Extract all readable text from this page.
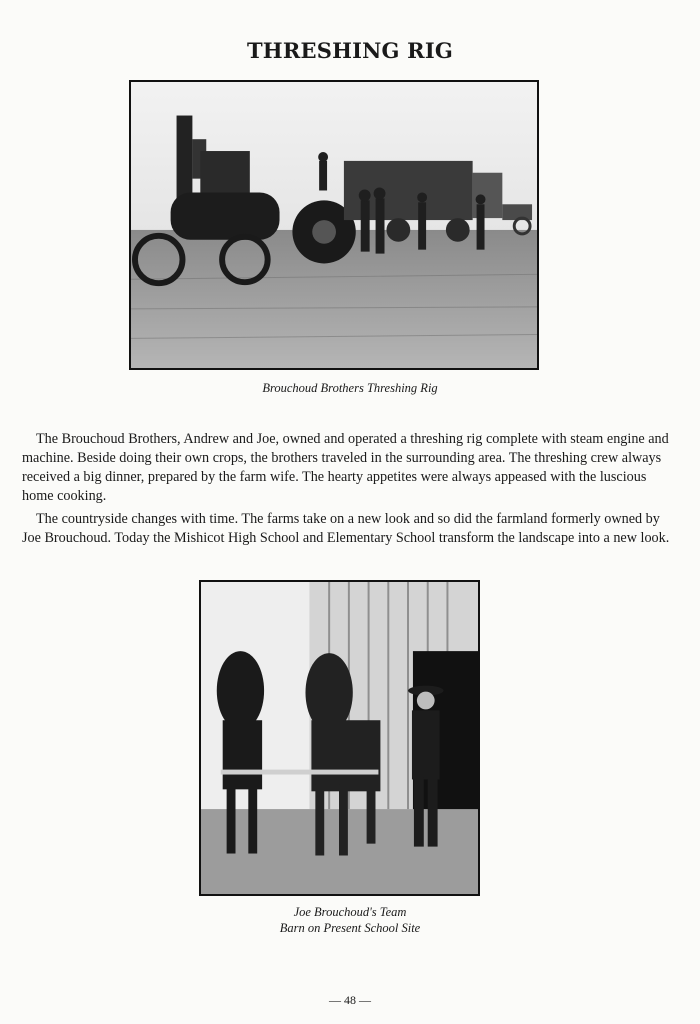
THRESHING RIG
Brouchoud Brothers Threshing Rig

The Brouchoud Brothers, Andrew and Joe, owned and operated a threshing rig complete with steam engine and machine. Beside doing their own crops, the brothers traveled in the surrounding area. The threshing crew always received a big dinner, prepared by the farm wife. The hearty appetites were always appeased with the luscious home cooking.

The countryside changes with time. The farms take on a new look and so did the farmland formerly owned by Joe Brouchoud. Today the Mishicot High School and Elementary School transform the landscape into a new look.

Joe Brouchoud's Team
Barn on Present School Site
— 48 —
